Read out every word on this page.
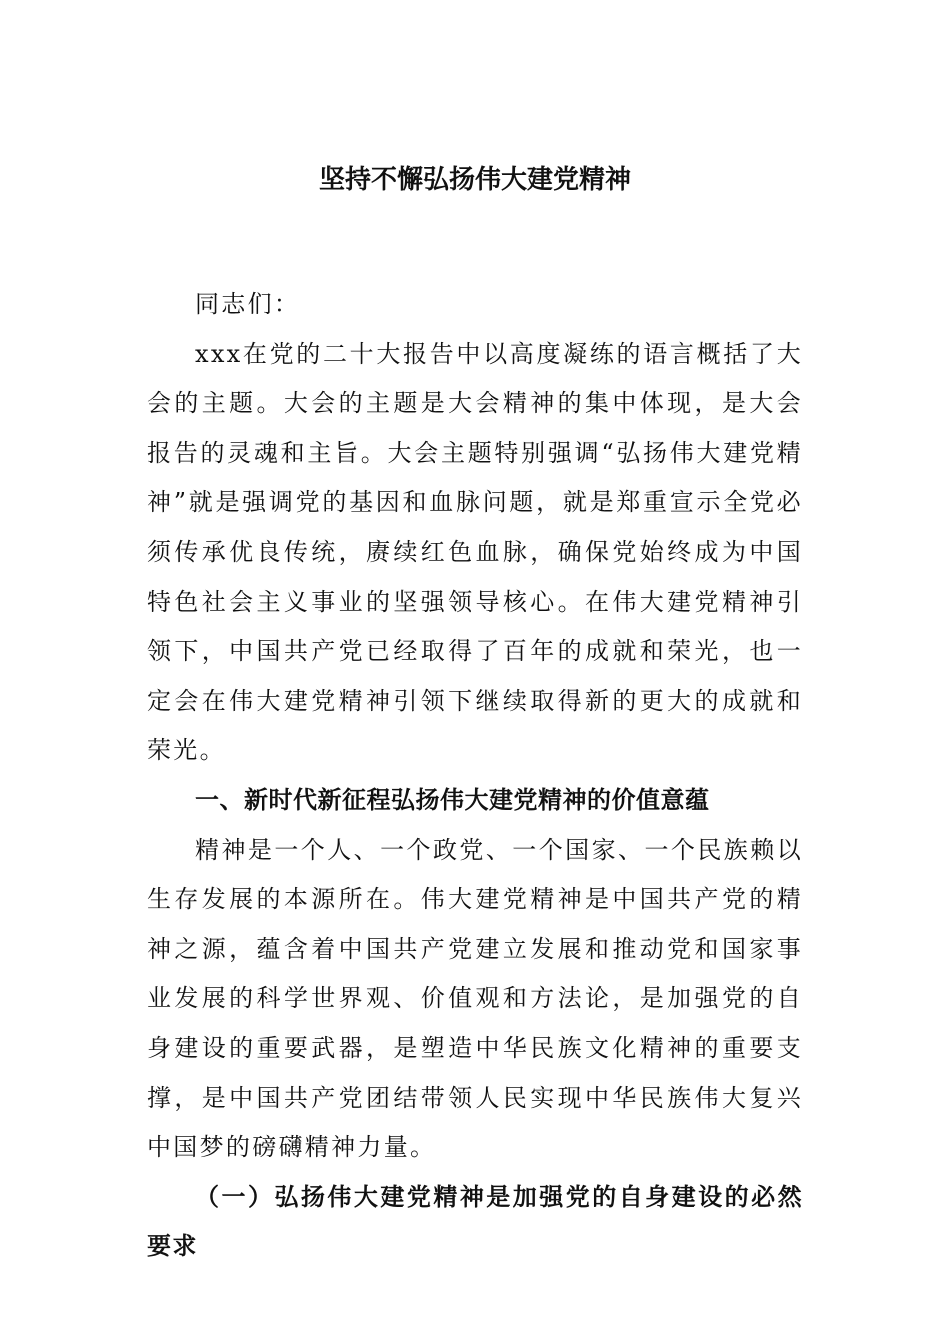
坚持不懈弘扬伟大建党精神

同志们：

xxx在党的二十大报告中以高度凝练的语言概括了大会的主题。大会的主题是大会精神的集中体现，是大会报告的灵魂和主旨。大会主题特别强调“弘扬伟大建党精神”就是强调党的基因和血脉问题，就是郑重宣示全党必须传承优良传统，赓续红色血脉，确保党始终成为中国特色社会主义事业的坚强领导核心。在伟大建党精神引领下，中国共产党已经取得了百年的成就和荣光，也一定会在伟大建党精神引领下继续取得新的更大的成就和荣光。

一、新时代新征程弘扬伟大建党精神的价值意蕴

精神是一个人、一个政党、一个国家、一个民族赖以生存发展的本源所在。伟大建党精神是中国共产党的精神之源，蕴含着中国共产党建立发展和推动党和国家事业发展的科学世界观、价值观和方法论，是加强党的自身建设的重要武器，是塑造中华民族文化精神的重要支撑，是中国共产党团结带领人民实现中华民族伟大复兴中国梦的磅礴精神力量。

（一）弘扬伟大建党精神是加强党的自身建设的必然要求
